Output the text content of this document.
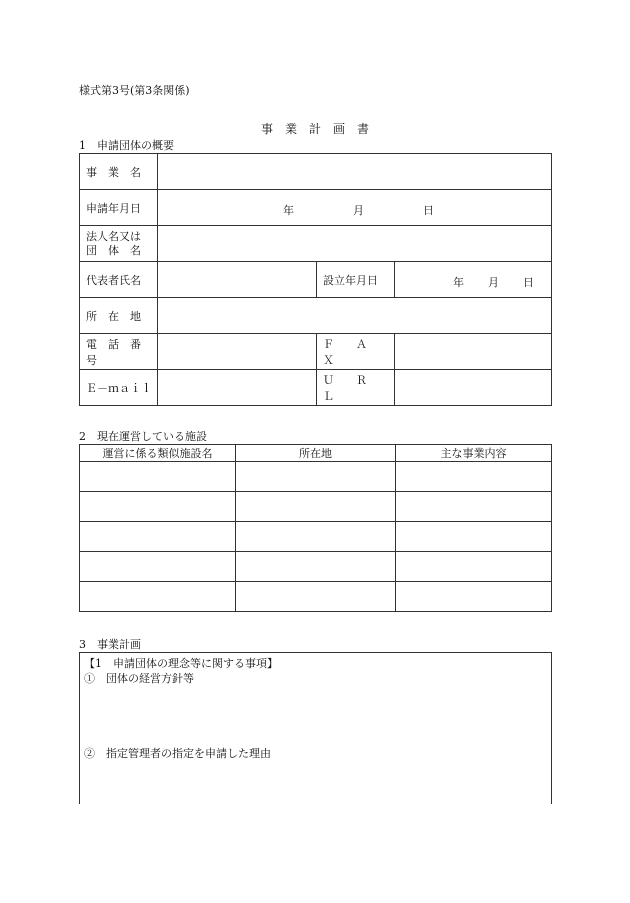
様式第3号(第3条関係)
事　業　計　画　書
1　申請団体の概要
事　業　名			
申請年月日	年 月 日		

法人名又は
団　体　名			

代表者氏名		設立年月日	年 月 日

所　在　地			
電　話　番　号		Ｆ　　Ａ　　Ｘ	
Ｅ－ｍａｉｌ		Ｕ　　Ｒ　　Ｌ	
2　現在運営している施設
運営に係る類似施設名	所在地	主な事業内容

3　事業計画
【1　申請団体の理念等に関する事項】
①　団体の経営方針等
②　指定管理者の指定を申請した理由
